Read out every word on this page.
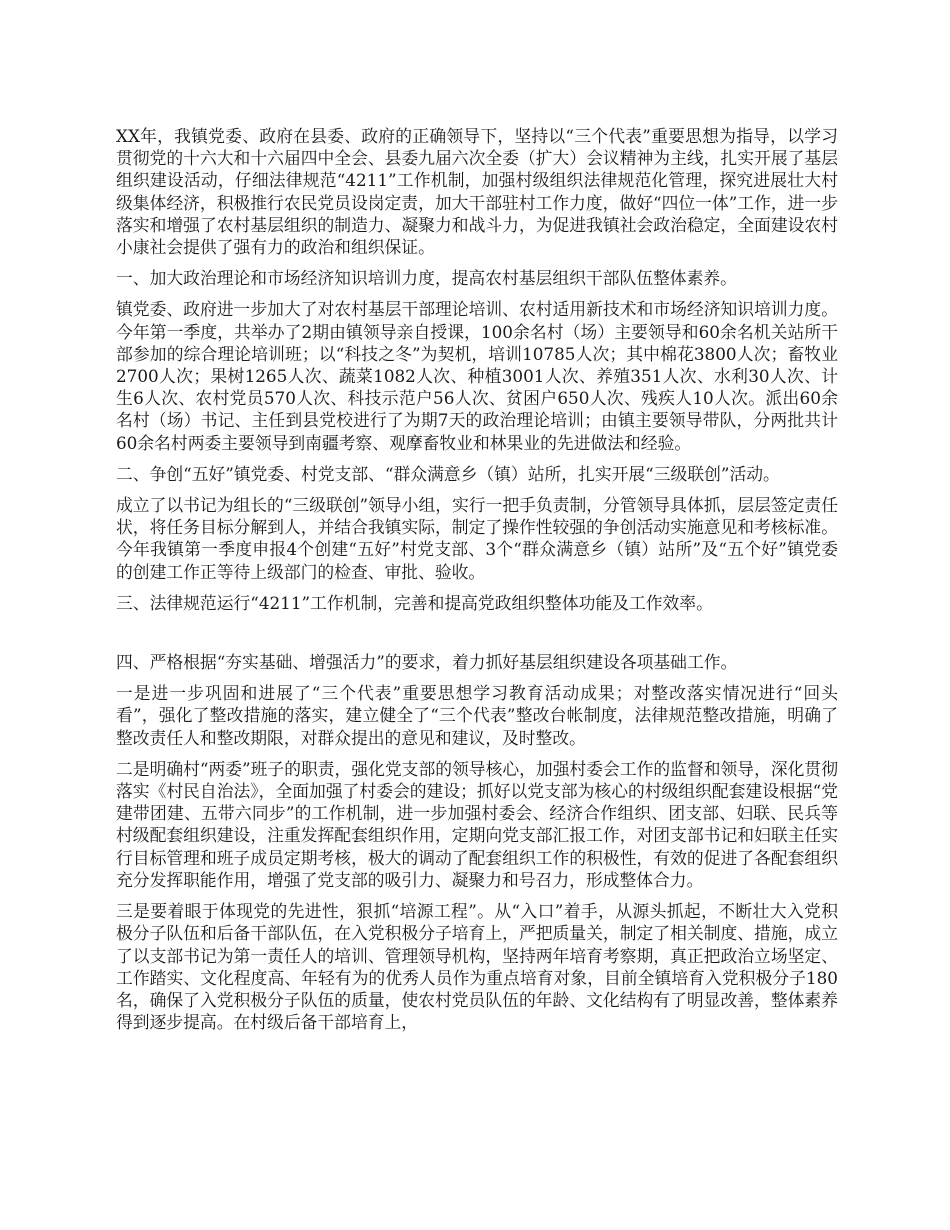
XX年，我镇党委、政府在县委、政府的正确领导下，坚持以“三个代表”重要思想为指导，以学习贯彻党的十六大和十六届四中全会、县委九届六次全委（扩大）会议精神为主线，扎实开展了基层组织建设活动，仔细法律规范“4211”工作机制，加强村级组织法律规范化管理，探究进展壮大村级集体经济，积极推行农民党员设岗定责，加大干部驻村工作力度，做好“四位一体”工作，进一步落实和增强了农村基层组织的制造力、凝聚力和战斗力，为促进我镇社会政治稳定，全面建设农村小康社会提供了强有力的政治和组织保证。

一、加大政治理论和市场经济知识培训力度，提高农村基层组织干部队伍整体素养。

镇党委、政府进一步加大了对农村基层干部理论培训、农村适用新技术和市场经济知识培训力度。今年第一季度，共举办了2期由镇领导亲自授课，100余名村（场）主要领导和60余名机关站所干部参加的综合理论培训班；以“科技之冬”为契机，培训10785人次；其中棉花3800人次；畜牧业2700人次；果树1265人次、蔬菜1082人次、种植3001人次、养殖351人次、水利30人次、计生6人次、农村党员570人次、科技示范户56人次、贫困户650人次、残疾人10人次。派出60余名村（场）书记、主任到县党校进行了为期7天的政治理论培训；由镇主要领导带队，分两批共计60余名村两委主要领导到南疆考察、观摩畜牧业和林果业的先进做法和经验。

二、争创“五好”镇党委、村党支部、“群众满意乡（镇）站所，扎实开展“三级联创”活动。

成立了以书记为组长的“三级联创”领导小组，实行一把手负责制，分管领导具体抓，层层签定责任状，将任务目标分解到人，并结合我镇实际，制定了操作性较强的争创活动实施意见和考核标准。今年我镇第一季度申报4个创建“五好”村党支部、3个“群众满意乡（镇）站所”及“五个好”镇党委的创建工作正等待上级部门的检查、审批、验收。

三、法律规范运行“4211”工作机制，完善和提高党政组织整体功能及工作效率。

四、严格根据“夯实基础、增强活力”的要求，着力抓好基层组织建设各项基础工作。

一是进一步巩固和进展了“三个代表”重要思想学习教育活动成果；对整改落实情况进行“回头看”，强化了整改措施的落实，建立健全了“三个代表”整改台帐制度，法律规范整改措施，明确了整改责任人和整改期限，对群众提出的意见和建议，及时整改。

二是明确村“两委”班子的职责，强化党支部的领导核心，加强村委会工作的监督和领导，深化贯彻落实《村民自治法》，全面加强了村委会的建设；抓好以党支部为核心的村级组织配套建设根据“党建带团建、五带六同步”的工作机制，进一步加强村委会、经济合作组织、团支部、妇联、民兵等村级配套组织建设，注重发挥配套组织作用，定期向党支部汇报工作，对团支部书记和妇联主任实行目标管理和班子成员定期考核，极大的调动了配套组织工作的积极性，有效的促进了各配套组织充分发挥职能作用，增强了党支部的吸引力、凝聚力和号召力，形成整体合力。

三是要着眼于体现党的先进性，狠抓“培源工程”。从“入口”着手，从源头抓起，不断壮大入党积极分子队伍和后备干部队伍，在入党积极分子培育上，严把质量关，制定了相关制度、措施，成立了以支部书记为第一责任人的培训、管理领导机构，坚持两年培育考察期，真正把政治立场坚定、工作踏实、文化程度高、年轻有为的优秀人员作为重点培育对象，目前全镇培育入党积极分子180名，确保了入党积极分子队伍的质量，使农村党员队伍的年龄、文化结构有了明显改善，整体素养得到逐步提高。在村级后备干部培育上，
